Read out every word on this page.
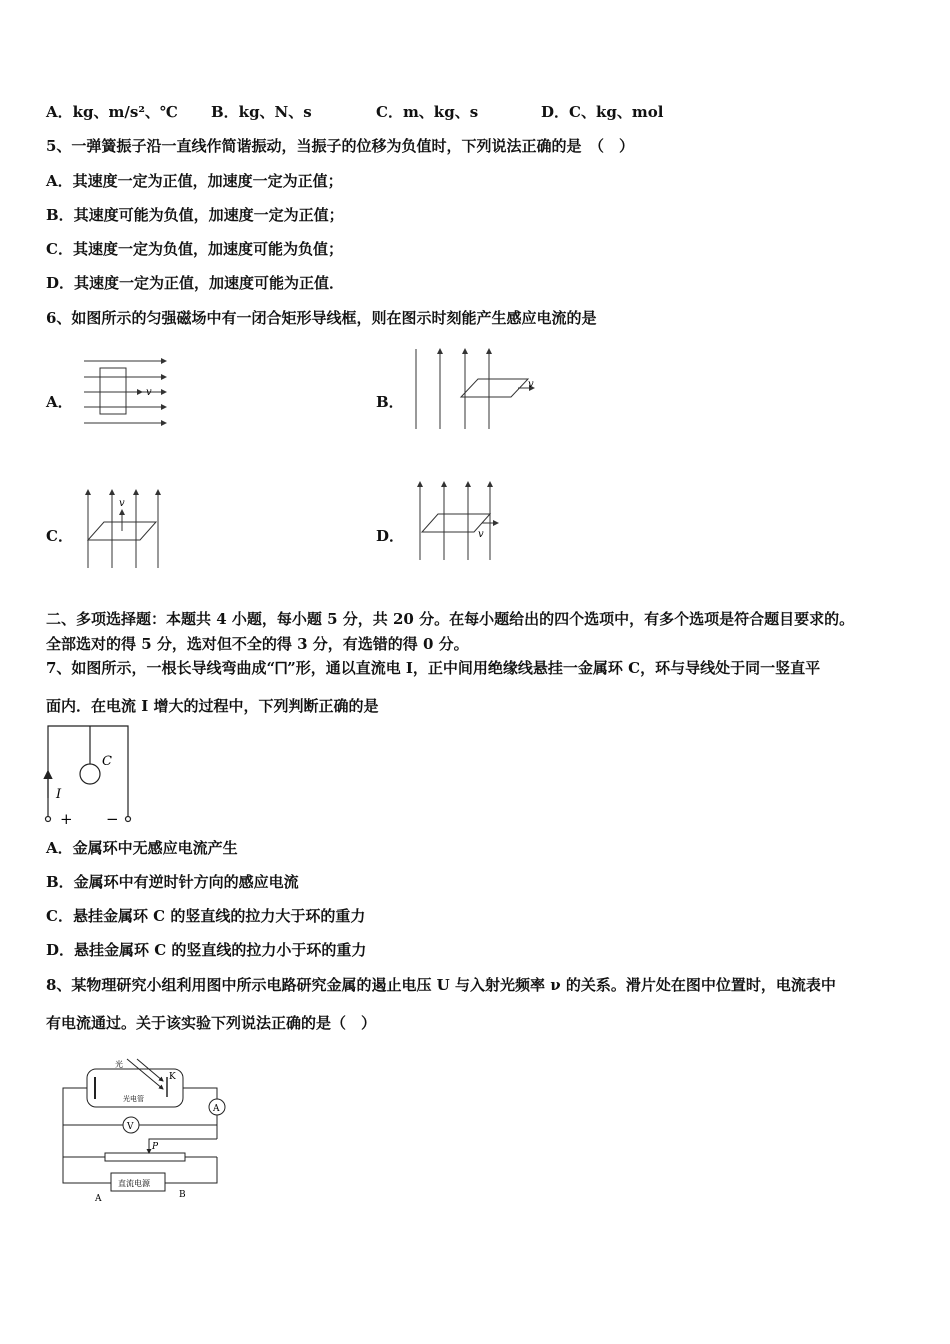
A．kg、m/s²、℃ B．kg、N、s	C．m、kg、s	D．C、kg、mol
5、一弹簧振子沿一直线作简谐振动，当振子的位移为负值时，下列说法正确的是　（　）
A．其速度一定为正值，加速度一定为正值；
B．其速度可能为负值，加速度一定为正值；
C．其速度一定为负值，加速度可能为负值；
D．其速度一定为正值，加速度可能为正值．
6、如图所示的匀强磁场中有一闭合矩形导线框，则在图示时刻能产生感应电流的是
A．
v
B．
v
C．
v
D．	v
二、多项选择题：本题共 4 小题，每小题 5 分，共 20 分。在每小题给出的四个选项中，有多个选项是符合题目要求的。
全部选对的得 5 分，选对但不全的得 3 分，有选错的得 0 分。
7、如图所示，一根长导线弯曲成“⨅”形，通以直流电 I，正中间用绝缘线悬挂一金属环 C，环与导线处于同一竖直平
面内．在电流 I 增大的过程中，下列判断正确的是
C
I
+ −
A．金属环中无感应电流产生
B．金属环中有逆时针方向的感应电流
C．悬挂金属环 C 的竖直线的拉力大于环的重力
D．悬挂金属环 C 的竖直线的拉力小于环的重力
8、某物理研究小组利用图中所示电路研究金属的遏止电压 U 与入射光频率 ν 的关系。滑片处在图中位置时，电流表中
有电流通过。关于该实验下列说法正确的是（　）
光
K
光电管
A
V
P
直流电源
A	B
